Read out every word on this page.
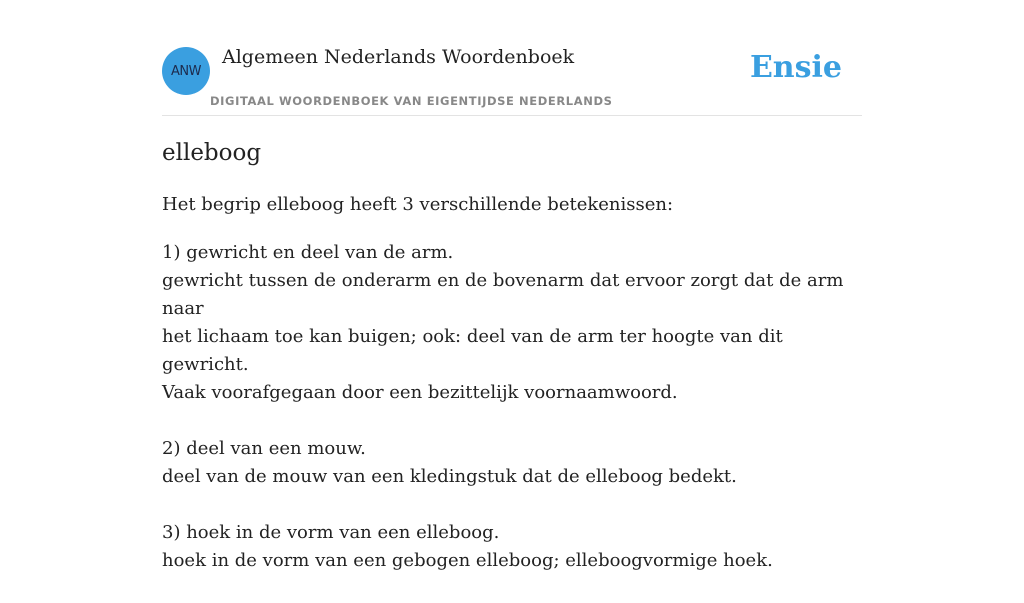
ANW
Algemeen Nederlands Woordenboek
DIGITAAL WOORDENBOEK VAN EIGENTIJDSE NEDERLANDS
Ensie
elleboog

Het begrip elleboog heeft 3 verschillende betekenissen:

1) gewricht en deel van de arm.

gewricht tussen de onderarm en de bovenarm dat ervoor zorgt dat de arm naar

het lichaam toe kan buigen; ook: deel van de arm ter hoogte van dit gewricht.

Vaak voorafgegaan door een bezittelijk voornaamwoord.

2) deel van een mouw.

deel van de mouw van een kledingstuk dat de elleboog bedekt.

3) hoek in de vorm van een elleboog.

hoek in de vorm van een gebogen elleboog; elleboogvormige hoek.
